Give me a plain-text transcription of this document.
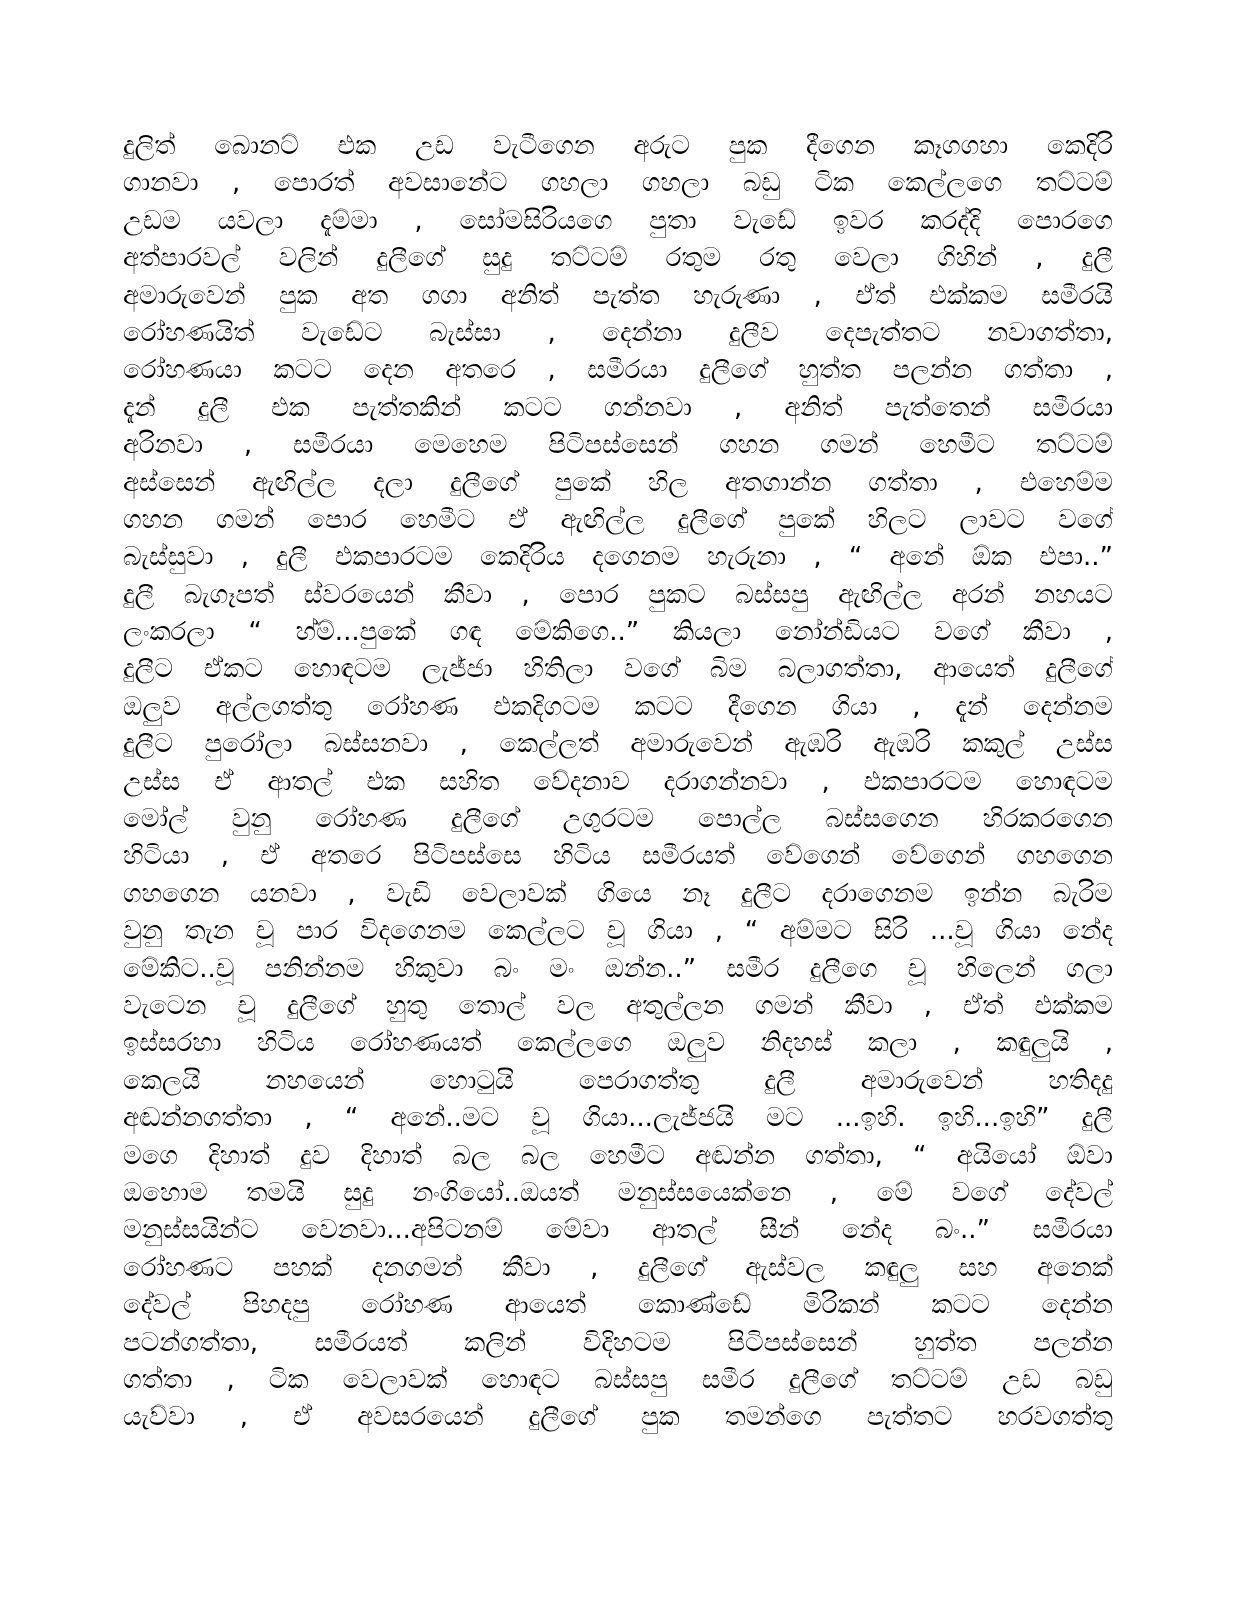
දුලිත් බොනට් එක උඩ වැටීගෙන අරුට පුක දීගෙන කෑගගහා කෙදිරි
ගානවා , පොරත් අවසානේට ගහලා ගහලා බඩු ටික කෙල්ලගෙ තට්ටම්
උඩම යවලා දැම්මා , සෝමසිරියගෙ පුතා වැඩේ ඉවර කරද්දි පොරගෙ
අත්පාරවල් වලින් දුලීගේ සුදු තට්ටම් රතුම රතු වෙලා ගිහින් , දුලී
අමාරුවෙන් පුක අත ගගා අනිත් පැත්ත හැරුණා , ඒත් එක්කම සමීරයි
රෝහණයිත් වැඩේට බැස්සා , දෙන්නා දුලීව දෙපැත්තට නවාගත්තා,
රෝහණයා කටට දෙන අතරෙ , සමීරයා දුලීගේ හුත්ත පලන්න ගත්තා ,
දැන් දුලී එක පැත්තකින් කටට ගන්නවා , අනිත් පැත්තෙන් සමීරයා
අරිනවා , සමීරයා මෙහෙම පිටිපස්සෙන් ගහන ගමන් හෙමීට තට්ටම්
අස්සෙන් ඇඟිල්ල දලා දුලීගේ පුකේ හිල අතගාන්න ගත්තා , එහෙම්ම
ගහන ගමන් පොර හෙමීට ඒ ඇඟිල්ල දුලීගේ පුකේ හිලට ලාවට වගේ
බැස්සුවා , දුලී එකපාරටම කෙදිරිය දගෙනම හැරුනා , “ අනේ ඕක එපා..”
දුලී බැගෑපත් ස්වරයෙන් කීවා , පොර පුකට බස්සපු ඇඟිල්ල අරන් නහයට
ලංකරලා “ හ්ම්...පුකේ ගඳ මේකිගෙ..” කියලා නෝන්ඩියට වගේ කීවා ,
දුලීට ඒකට හොඳටම ලැජ්ජා හිතිලා වගේ බිම බලාගත්තා, ආයෙත් දුලීගේ
ඔලුව අල්ලගත්තු රෝහණ එකදිගටම කටට දීගෙන ගියා , දැන් දෙන්නම
දුලීට පුරෝලා බස්සනවා , කෙල්ලත් අමාරුවෙන් ඇඹරි ඇඹරි කකුල් උස්ස
උස්ස ඒ ආතල් එක සහිත වේදනාව දරාගන්නවා , එකපාරටම හොඳටම
මෝල් වුනු රෝහණ දුලීගේ උගුරටම පොල්ල බස්සගෙන හිරකරගෙන
හිටියා , ඒ අතරෙ පිටිපස්සෙ හිටිය සමීරයත් වේගෙන් වේගෙන් ගහගෙන
ගහගෙන යනවා , වැඩි වෙලාවක් ගියෙ නෑ දුලීට දරාගෙනම ඉන්න බැරිම
වුනු තැන චූ පාර විදගෙනම කෙල්ලට චූ ගියා , “ අම්මට සිරි ...චූ ගියා නේද
මේකිට..චූ පනින්නම හිකුවා බං මං ඔන්න..” සමීර දුලීගෙ චූ හිලෙන් ගලා
වැටෙන චූ දුලීගේ හුතු තොල් වල අතුල්ලන ගමන් කීවා , ඒත් එක්කම
ඉස්සරහා හිටිය රෝහණයත් කෙල්ලගෙ ඔලුව නිදහස් කලා , කඳුලුයි ,
කෙලයි නහයෙන් හොටුයි පෙරාගත්තු දුලී අමාරුවෙන් හතිදදු
අඬන්නගත්තා , “ අනේ..මට චූ ගියා...ලැජ්ජයි මට ...ඉහි. ඉහි...ඉහි” දුලී
මගෙ දිහාත් දුව දිහාත් බල බල හෙමීට අඬන්න ගත්තා, “ අයියෝ ඕවා
ඔහොම තමයි සුදු නංගියෝ..ඔයත් මනුස්සයෙක්නෙ , මේ වගේ දේවල්
මනුස්සයින්ට වෙනවා...අපිටනම් මේවා ආතල් සීන් නේද බං..” සමීරයා
රෝහණට පහක් දනගමන් කීවා , දුලීගේ ඇස්වල කඳුලු සහ අනෙක්
දේවල් පිහදපු රෝහණ ආයෙත් කොණ්ඩේ මිරිකන් කටට දෙන්න
පටන්ගත්තා, සමීරයත් කලින් විදිහටම පිටිපස්සෙන් හුත්ත පලන්න
ගත්තා , ටික වෙලාවක් හොඳට බස්සපු සමීර දුලීගේ තට්ටම් උඩ බඩු
යැව්වා , ඒ අවසරයෙන් දුලීගේ පුක තමන්ගෙ පැත්තට හරවගත්තු
